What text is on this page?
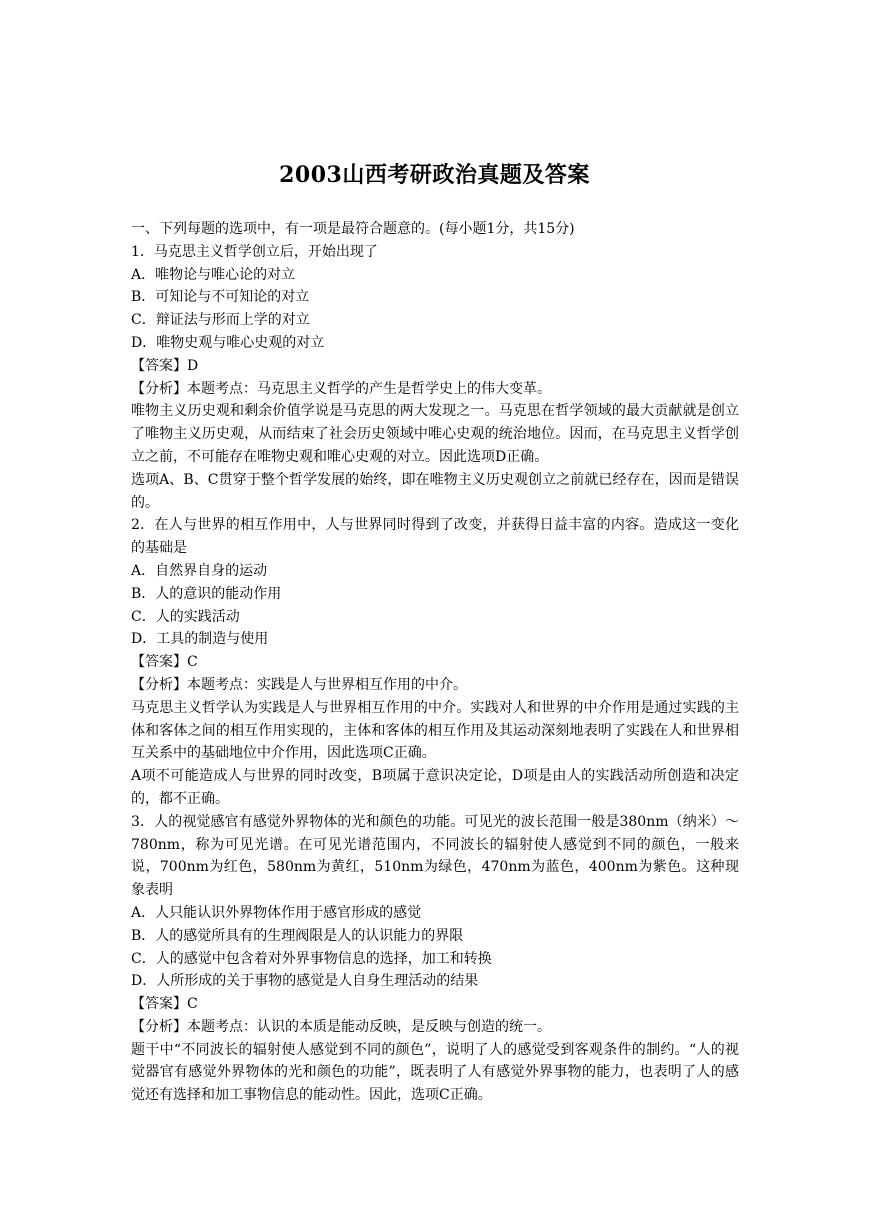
2003山西考研政治真题及答案
一、下列每题的选项中，有一项是最符合题意的。(每小题1分，共15分)
1．马克思主义哲学创立后，开始出现了
A．唯物论与唯心论的对立
B．可知论与不可知论的对立
C．辩证法与形而上学的对立
D．唯物史观与唯心史观的对立
【答案】D
【分析】本题考点：马克思主义哲学的产生是哲学史上的伟大变革。
唯物主义历史观和剩余价值学说是马克思的两大发现之一。马克思在哲学领域的最大贡献就是创立了唯物主义历史观，从而结束了社会历史领域中唯心史观的统治地位。因而，在马克思主义哲学创立之前，不可能存在唯物史观和唯心史观的对立。因此选项D正确。
选项A、B、C贯穿于整个哲学发展的始终，即在唯物主义历史观创立之前就已经存在，因而是错误的。
2．在人与世界的相互作用中，人与世界同时得到了改变，并获得日益丰富的内容。造成这一变化的基础是
A．自然界自身的运动
B．人的意识的能动作用
C．人的实践活动
D．工具的制造与使用
【答案】C
【分析】本题考点：实践是人与世界相互作用的中介。
马克思主义哲学认为实践是人与世界相互作用的中介。实践对人和世界的中介作用是通过实践的主体和客体之间的相互作用实现的，主体和客体的相互作用及其运动深刻地表明了实践在人和世界相互关系中的基础地位中介作用，因此选项C正确。
A项不可能造成人与世界的同时改变，B项属于意识决定论，D项是由人的实践活动所创造和决定的，都不正确。
3．人的视觉感官有感觉外界物体的光和颜色的功能。可见光的波长范围一般是380nm（纳米）～780nm，称为可见光谱。在可见光谱范围内，不同波长的辐射使人感觉到不同的颜色，一般来说，700nm为红色，580nm为黄红，510nm为绿色，470nm为蓝色，400nm为紫色。这种现象表明
A．人只能认识外界物体作用于感官形成的感觉
B．人的感觉所具有的生理阀限是人的认识能力的界限
C．人的感觉中包含着对外界事物信息的选择，加工和转换
D．人所形成的关于事物的感觉是人自身生理活动的结果
【答案】C
【分析】本题考点：认识的本质是能动反映，是反映与创造的统一。
题干中“不同波长的辐射使人感觉到不同的颜色”，说明了人的感觉受到客观条件的制约。“人的视觉器官有感觉外界物体的光和颜色的功能”，既表明了人有感觉外界事物的能力，也表明了人的感觉还有选择和加工事物信息的能动性。因此，选项C正确。
